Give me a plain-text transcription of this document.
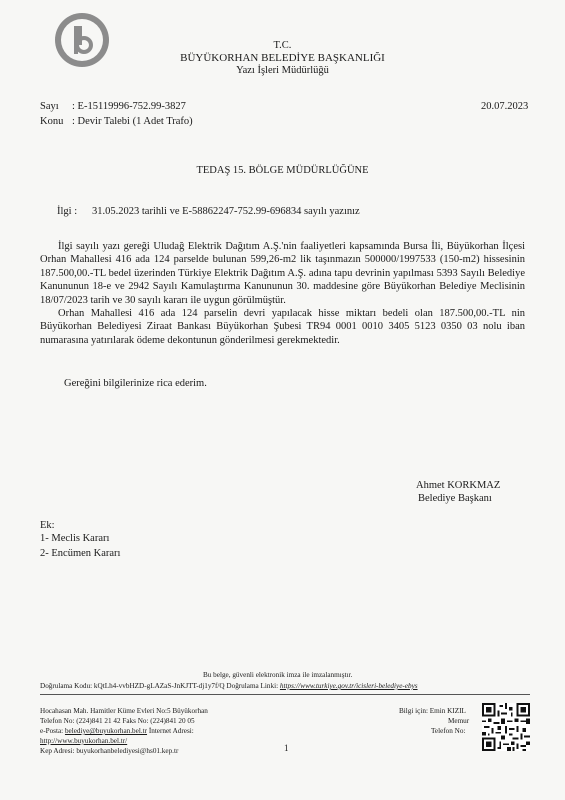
T.C.
BÜYÜKORHAN BELEDİYE BAŞKANLIĞI
Yazı İşleri Müdürlüğü
Sayı : E-15119996-752.99-3827	20.07.2023
Konu : Devir Talebi (1 Adet Trafo)
TEDAŞ 15. BÖLGE MÜDÜRLÜĞÜNE
İlgi : 31.05.2023 tarihli ve E-58862247-752.99-696834 sayılı yazınız

İlgi sayılı yazı gereği Uludağ Elektrik Dağıtım A.Ş.'nin faaliyetleri kapsamında Bursa İli, Büyükorhan İlçesi Orhan Mahallesi 416 ada 124 parselde bulunan 599,26-m2 lik taşınmazın 500000/1997533 (150-m2) hissesinin 187.500,00.-TL bedel üzerinden Türkiye Elektrik Dağıtım A.Ş. adına tapu devrinin yapılması 5393 Sayılı Belediye Kanununun 18-e ve 2942 Sayılı Kamulaştırma Kanununun 30. maddesine göre Büyükorhan Belediye Meclisinin 18/07/2023 tarih ve 30 sayılı kararı ile uygun görülmüştür.

Orhan Mahallesi 416 ada 124 parselin devri yapılacak hisse miktarı bedeli olan 187.500,00.-TL nin Büyükorhan Belediyesi Ziraat Bankası Büyükorhan Şubesi TR94 0001 0010 3405 5123 0350 03 nolu iban numarasına yatırılarak ödeme dekontunun gönderilmesi gerekmektedir.

Gereğini bilgilerinize rica ederim.
Ahmet KORKMAZ
Belediye Başkanı
Ek:
1- Meclis Kararı
2- Encümen Kararı
Bu belge, güvenli elektronik imza ile imzalanmıştır.
Doğrulama Kodu: kQtLh4-vvbHZD-gLAZaS-JnKJTT-dj1y7f/Q Doğrulama Linki: https://www.turkiye.gov.tr/icisleri-belediye-ebys
Hocahasan Mah. Hamitler Küme Evleri No:5 Büyükorhan
Telefon No: (224)841 21 42 Faks No: (224)841 20 05
e-Posta: belediye@buyukorhan.bel.tr İnternet Adresi:
http://www.buyukorhan.bel.tr/
Kep Adresi: buyukorhanbelediyesi@hs01.kep.tr	1
Bilgi için: Emin KIZIL
Memur
Telefon No:
